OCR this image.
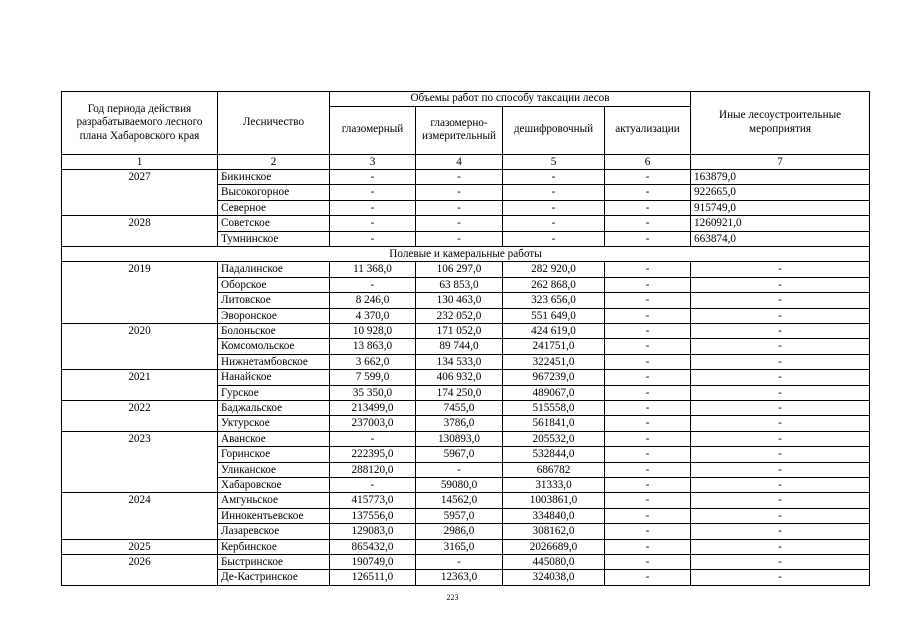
Год периода действия разрабатываемого лесного плана Хабаровского края	Лесничество	Объемы работ по способу таксации лесов				Иные лесоустроительные мероприятия
		глазомерный	глазомерно-измерительный	дешифровочный	актуализации	
1	2	3	4	5	6	7
2027	Бикинское	-	-	-	-	163879,0
	Высокогорное	-	-	-	-	922665,0
	Северное	-	-	-	-	915749,0
2028	Советское	-	-	-	-	1260921,0
	Тумнинское	-	-	-	-	663874,0
Полевые и камеральные работы						
2019	Падалинское	11 368,0	106 297,0	282 920,0	-	-
	Оборское	-	63 853,0	262 868,0	-	-
	Литовское	8 246,0	130 463,0	323 656,0	-	-
	Эворонское	4 370,0	232 052,0	551 649,0	-	-
2020	Болоньское	10 928,0	171 052,0	424 619,0	-	-
	Комсомольское	13 863,0	89 744,0	241751,0	-	-
	Нижнетамбовское	3 662,0	134 533,0	322451,0	-	-
2021	Нанайское	7 599,0	406 932,0	967239,0	-	-
	Гурское	35 350,0	174 250,0	489067,0	-	-
2022	Баджальское	213499,0	7455,0	515558,0	-	-
	Уктурское	237003,0	3786,0	561841,0	-	-
2023	Аванское	-	130893,0	205532,0	-	-
	Горинское	222395,0	5967,0	532844,0	-	-
	Уликанское	288120,0	-	686782	-	-
	Хабаровское	-	59080,0	31333,0	-	-
2024	Амгуньское	415773,0	14562,0	1003861,0	-	-
	Иннокентьевское	137556,0	5957,0	334840,0	-	-
	Лазаревское	129083,0	2986,0	308162,0	-	-
2025	Кербинское	865432,0	3165,0	2026689,0	-	-
2026	Быстринское	190749,0	-	445080,0	-	-
	Де-Кастринское	126511,0	12363,0	324038,0	-	-
223
